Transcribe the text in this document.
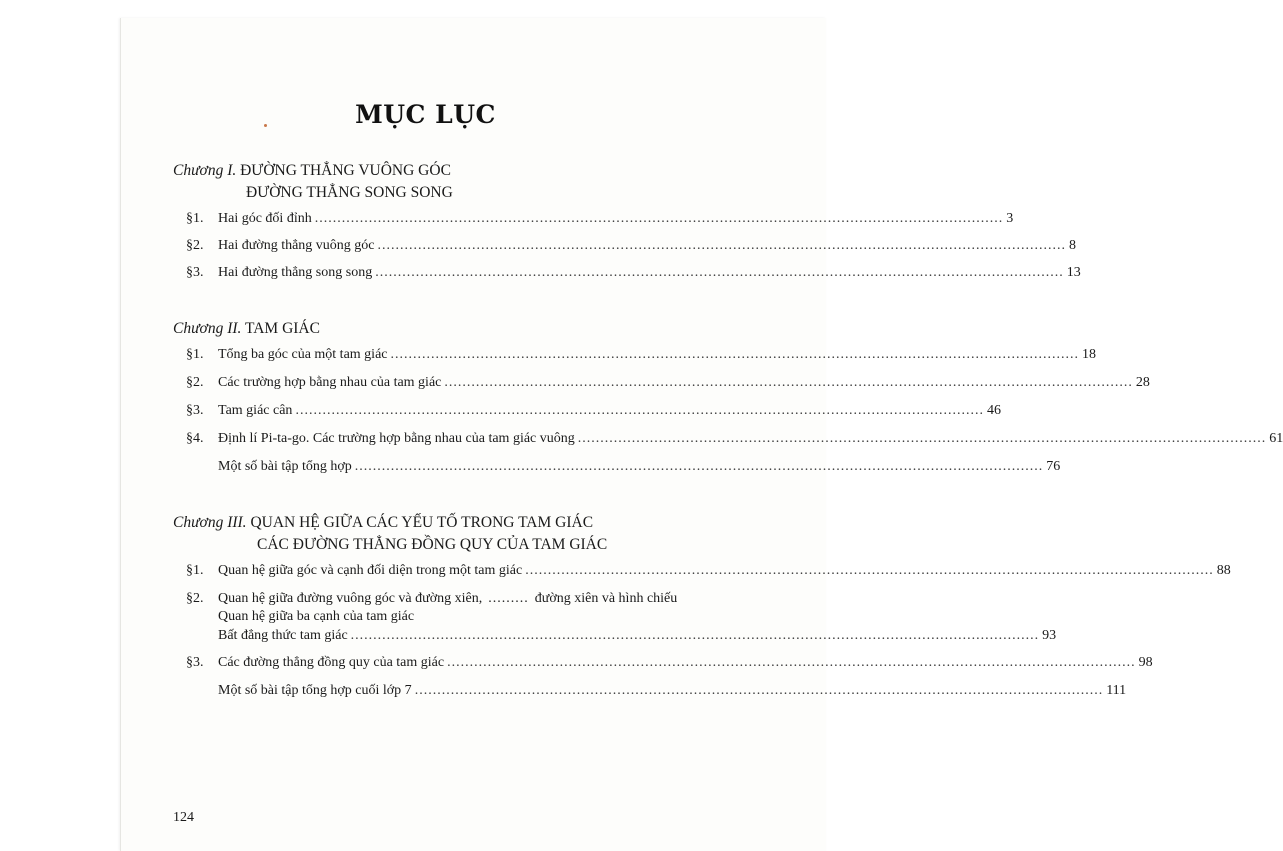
MỤC LỤC
Chương I. ĐƯỜNG THẲNG VUÔNG GÓC
ĐƯỜNG THẲNG SONG SONG
§1.	Hai góc đối đỉnh ......................................................................................................................................................... 3
§2.	Hai đường thẳng vuông góc ......................................................................................................................................................... 8
§3.	Hai đường thẳng song song ......................................................................................................................................................... 13
Chương II. TAM GIÁC
§1.	Tổng ba góc của một tam giác ......................................................................................................................................................... 18
§2.	Các trường hợp bằng nhau của tam giác ......................................................................................................................................................... 28
§3.	Tam giác cân ......................................................................................................................................................... 46
§4.	Định lí Pi-ta-go. Các trường hợp bằng nhau của tam giác vuông ......................................................................................................................................................... 61
Một số bài tập tổng hợp ......................................................................................................................................................... 76
Chương III. QUAN HỆ GIỮA CÁC YẾU TỐ TRONG TAM GIÁC
CÁC ĐƯỜNG THẲNG ĐỒNG QUY CỦA TAM GIÁC
§1.	Quan hệ giữa góc và cạnh đối diện trong một tam giác ......................................................................................................................................................... 88
§2.	Quan hệ giữa đường vuông góc và đường xiên, ......... đường xiên và hình chiếu
Quan hệ giữa ba cạnh của tam giác
Bất đẳng thức tam giác ......................................................................................................................................................... 93
§3.	Các đường thẳng đồng quy của tam giác ......................................................................................................................................................... 98
Một số bài tập tổng hợp cuối lớp 7 ......................................................................................................................................................... 111
124
